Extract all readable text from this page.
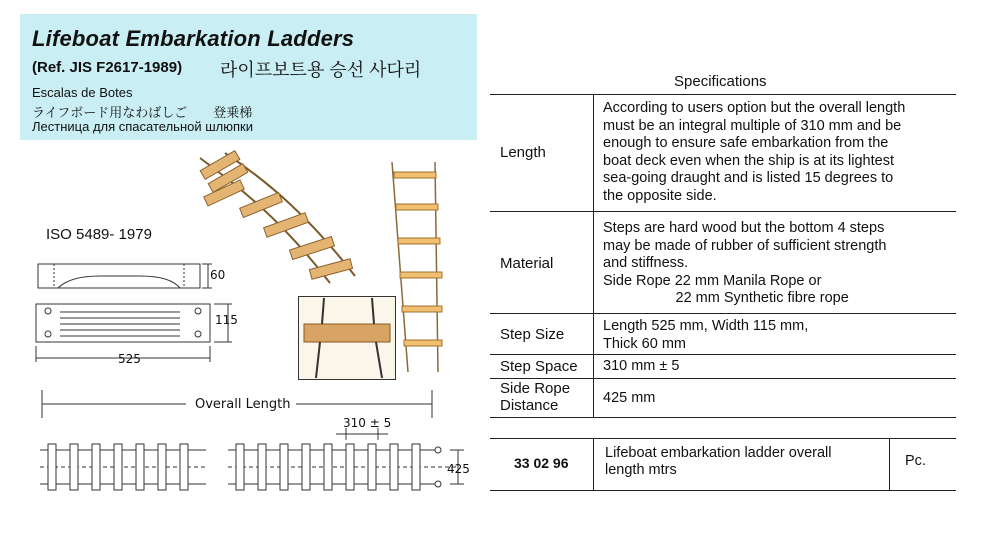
Lifeboat Embarkation Ladders
(Ref. JIS F2617-1989) 라이프보트용 승선 사다리
Escalas de Botes
ライフボード用なわばしご　　登乗梯
Лестница для спасательной шлюпки
ISO 5489- 1979
60
115
525
Overall Length
310 ± 5
425
Specifications
Length
According to users option but the overall length
must be an integral multiple of 310 mm and be
enough to ensure safe embarkation from the
boat deck even when the ship is at its lightest
sea-going draught and is listed 15 degrees to
the opposite side.
Material
Steps are hard wood but the bottom 4 steps
may be made of rubber of sufficient strength
and stiffness.
Side Rope 22 mm Manila Rope or
22 mm Synthetic fibre rope
Step Size	Length 525 mm, Width 115 mm,
Thick 60 mm
Step Space 310 mm ± 5
Side Rope
Distance	425 mm
33 02 96
Lifeboat embarkation ladder overall
length mtrs
Pc.
